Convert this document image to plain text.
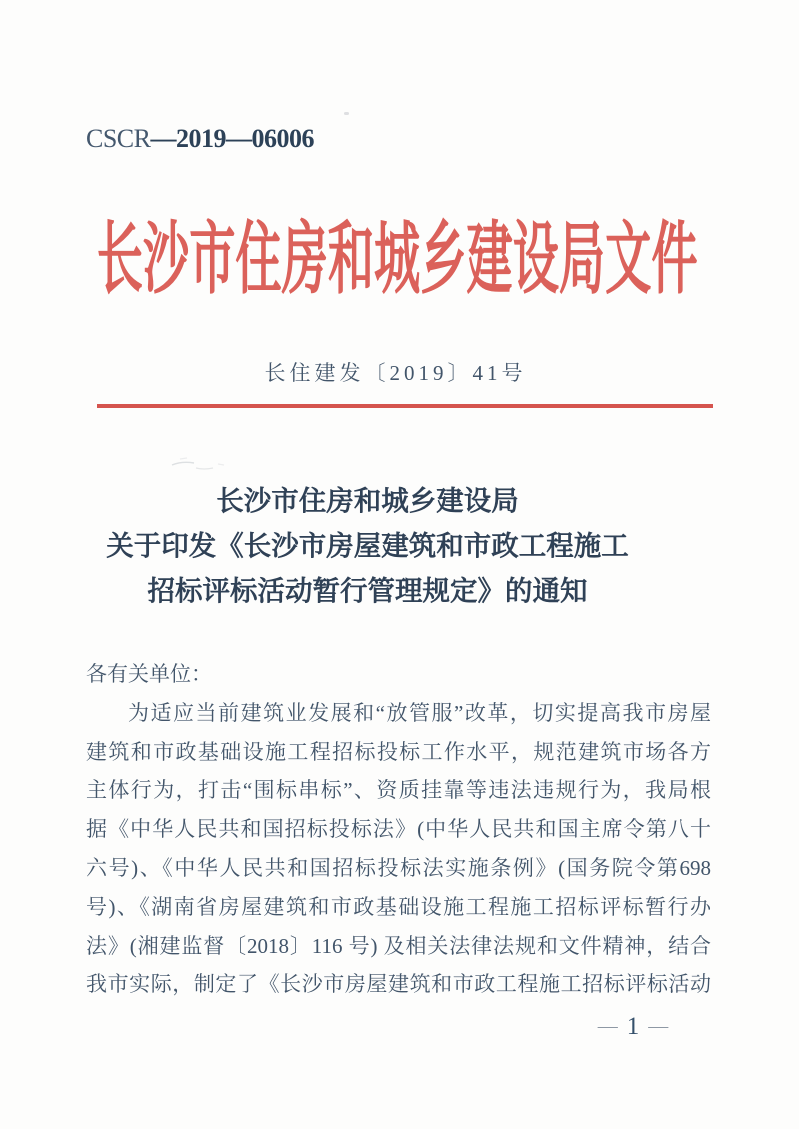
CSCR—2019—06006
长沙市住房和城乡建设局文件
长住建发〔2019〕41号
长沙市住房和城乡建设局
关于印发《长沙市房屋建筑和市政工程施工
招标评标活动暂行管理规定》的通知
各有关单位：
为适应当前建筑业发展和“放管服”改革，切实提高我市房屋
建筑和市政基础设施工程招标投标工作水平，规范建筑市场各方
主体行为，打击“围标串标”、资质挂靠等违法违规行为，我局根
据《中华人民共和国招标投标法》(中华人民共和国主席令第八十
六号)、《中华人民共和国招标投标法实施条例》(国务院令第698
号)、《湖南省房屋建筑和市政基础设施工程施工招标评标暂行办
法》(湘建监督〔2018〕116 号) 及相关法律法规和文件精神，结合
我市实际，制定了《长沙市房屋建筑和市政工程施工招标评标活动
— 1 —
